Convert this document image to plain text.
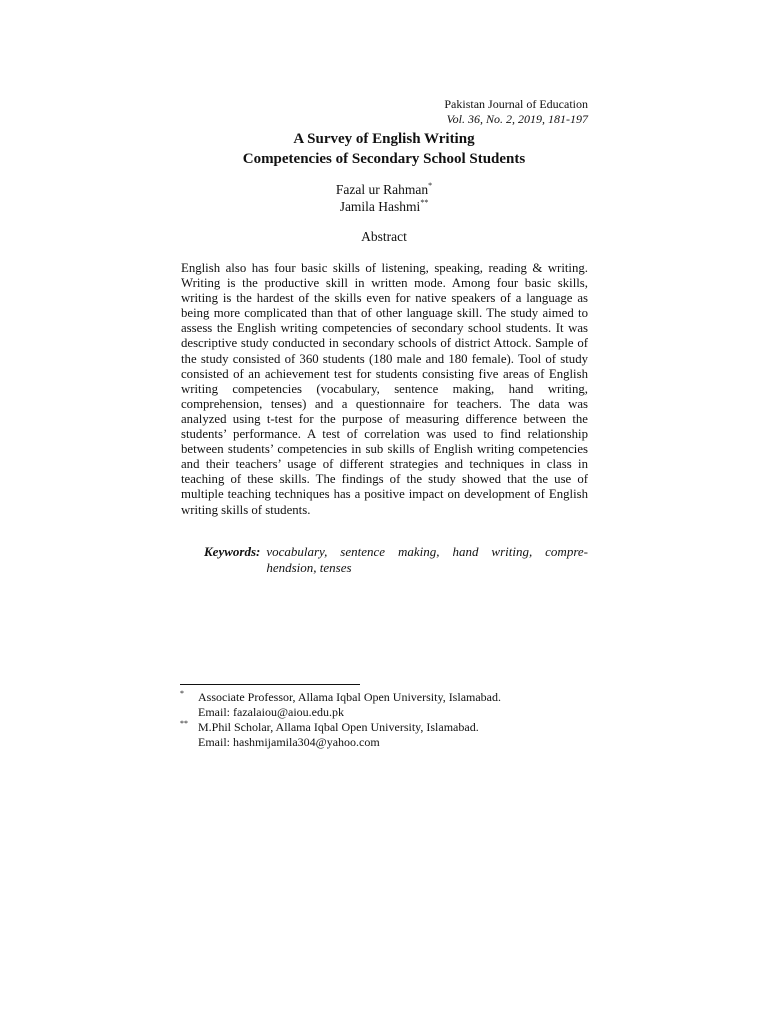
Pakistan Journal of Education
Vol. 36, No. 2, 2019, 181-197
A Survey of English Writing
Competencies of Secondary School Students
Fazal ur Rahman*
Jamila Hashmi**
Abstract
English also has four basic skills of listening, speaking, reading & writing. Writing is the productive skill in written mode. Among four basic skills, writing is the hardest of the skills even for native speakers of a language as being more complicated than that of other language skill. The study aimed to assess the English writing competencies of secondary school students. It was descriptive study conducted in secondary schools of district Attock. Sample of the study consisted of 360 students (180 male and 180 female). Tool of study consisted of an achievement test for students consisting five areas of English writing competencies (vocabulary, sentence making, hand writing, comprehension, tenses) and a questionnaire for teachers. The data was analyzed using t-test for the purpose of measuring difference between the students’ performance. A test of correlation was used to find relationship between students’ competencies in sub skills of English writing competencies and their teachers’ usage of different strategies and techniques in class in teaching of these skills. The findings of the study showed that the use of multiple teaching techniques has a positive impact on development of English writing skills of students.
Keywords: vocabulary, sentence making, hand writing, compre-hendsion, tenses
* Associate Professor, Allama Iqbal Open University, Islamabad.
Email: fazalaiou@aiou.edu.pk
** M.Phil Scholar, Allama Iqbal Open University, Islamabad.
Email: hashmijamila304@yahoo.com
